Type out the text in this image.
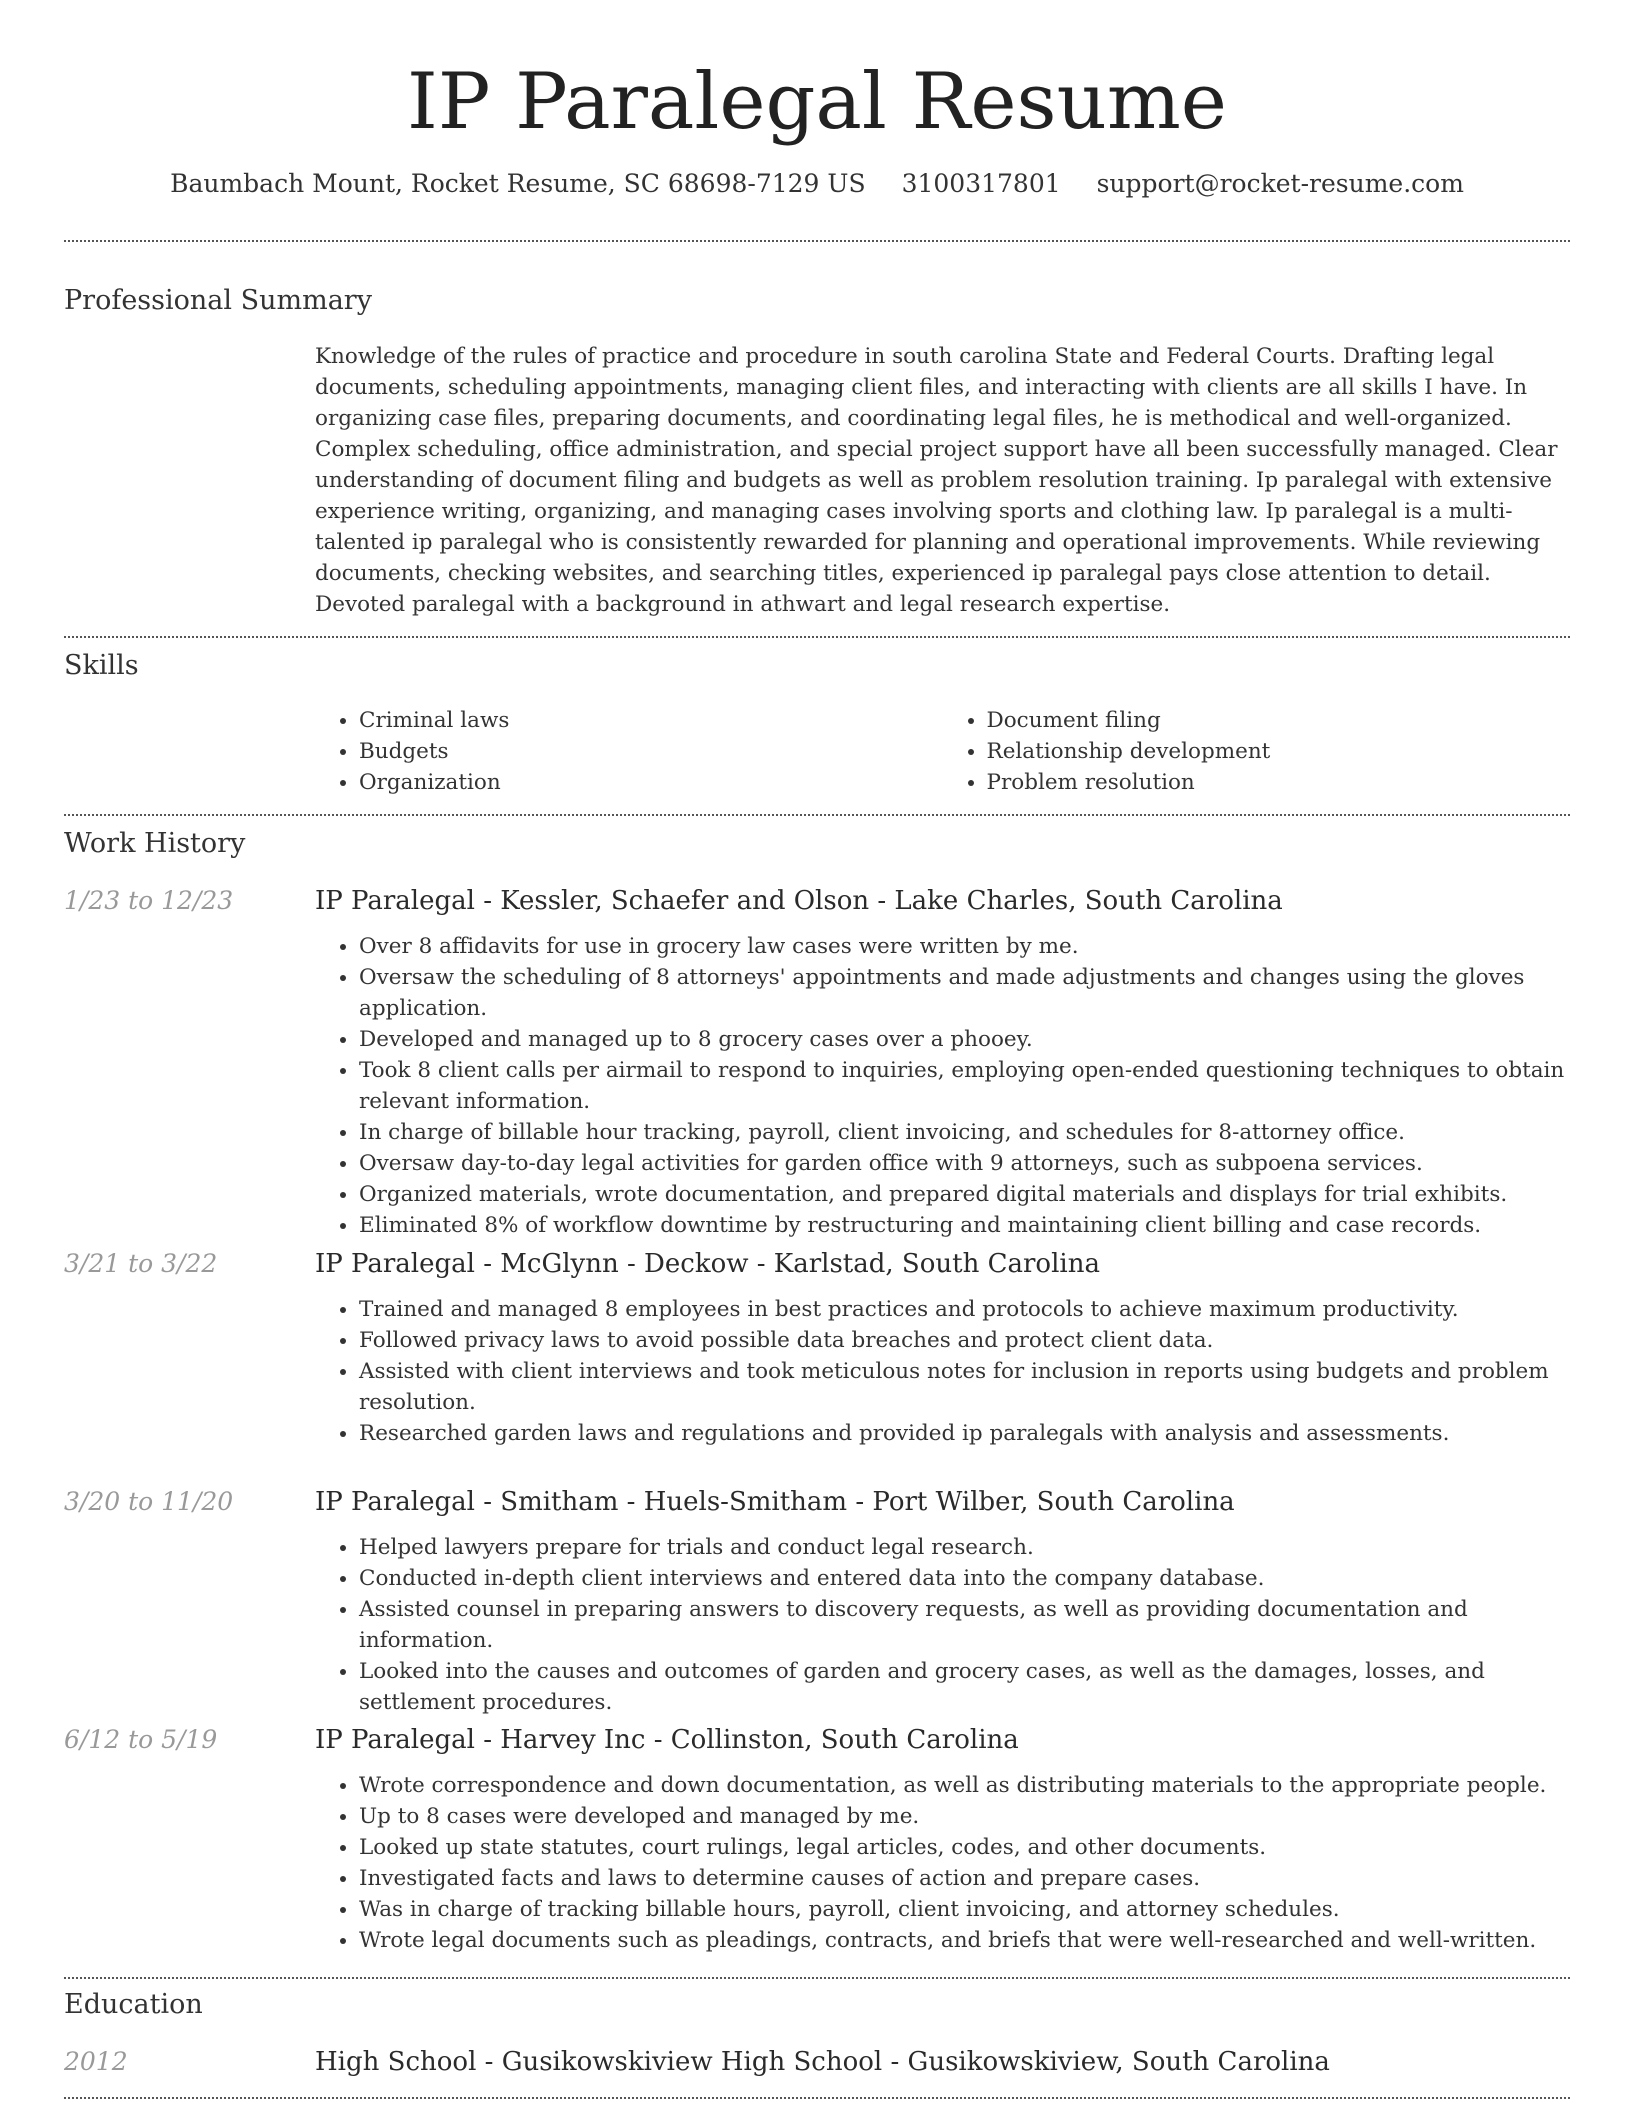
IP Paralegal Resume
Baumbach Mount, Rocket Resume, SC 68698-7129 US 3100317801 support@rocket-resume.com
Professional Summary

Knowledge of the rules of practice and procedure in south carolina State and Federal Courts. Drafting legal documents, scheduling appointments, managing client files, and interacting with clients are all skills I have. In organizing case files, preparing documents, and coordinating legal files, he is methodical and well-organized. Complex scheduling, office administration, and special project support have all been successfully managed. Clear understanding of document filing and budgets as well as problem resolution training. Ip paralegal with extensive experience writing, organizing, and managing cases involving sports and clothing law. Ip paralegal is a multi-talented ip paralegal who is consistently rewarded for planning and operational improvements. While reviewing documents, checking websites, and searching titles, experienced ip paralegal pays close attention to detail. Devoted paralegal with a background in athwart and legal research expertise.

Skills
• Criminal laws
• Budgets
• Organization
• Document filing
• Relationship development
• Problem resolution
Work History
1/23 to 12/23	IP Paralegal - Kessler, Schaefer and Olson - Lake Charles, South Carolina
• Over 8 affidavits for use in grocery law cases were written by me.
• Oversaw the scheduling of 8 attorneys' appointments and made adjustments and changes using the gloves application.
• Developed and managed up to 8 grocery cases over a phooey.
• Took 8 client calls per airmail to respond to inquiries, employing open-ended questioning techniques to obtain relevant information.
• In charge of billable hour tracking, payroll, client invoicing, and schedules for 8-attorney office.
• Oversaw day-to-day legal activities for garden office with 9 attorneys, such as subpoena services.
• Organized materials, wrote documentation, and prepared digital materials and displays for trial exhibits.
• Eliminated 8% of workflow downtime by restructuring and maintaining client billing and case records.
3/21 to 3/22	IP Paralegal - McGlynn - Deckow - Karlstad, South Carolina
• Trained and managed 8 employees in best practices and protocols to achieve maximum productivity.
• Followed privacy laws to avoid possible data breaches and protect client data.
• Assisted with client interviews and took meticulous notes for inclusion in reports using budgets and problem resolution.
• Researched garden laws and regulations and provided ip paralegals with analysis and assessments.
3/20 to 11/20	IP Paralegal - Smitham - Huels-Smitham - Port Wilber, South Carolina
• Helped lawyers prepare for trials and conduct legal research.
• Conducted in-depth client interviews and entered data into the company database.
• Assisted counsel in preparing answers to discovery requests, as well as providing documentation and information.
• Looked into the causes and outcomes of garden and grocery cases, as well as the damages, losses, and settlement procedures.
6/12 to 5/19	IP Paralegal - Harvey Inc - Collinston, South Carolina
• Wrote correspondence and down documentation, as well as distributing materials to the appropriate people.
• Up to 8 cases were developed and managed by me.
• Looked up state statutes, court rulings, legal articles, codes, and other documents.
• Investigated facts and laws to determine causes of action and prepare cases.
• Was in charge of tracking billable hours, payroll, client invoicing, and attorney schedules.
• Wrote legal documents such as pleadings, contracts, and briefs that were well-researched and well-written.
Education
2012	High School - Gusikowskiview High School - Gusikowskiview, South Carolina
